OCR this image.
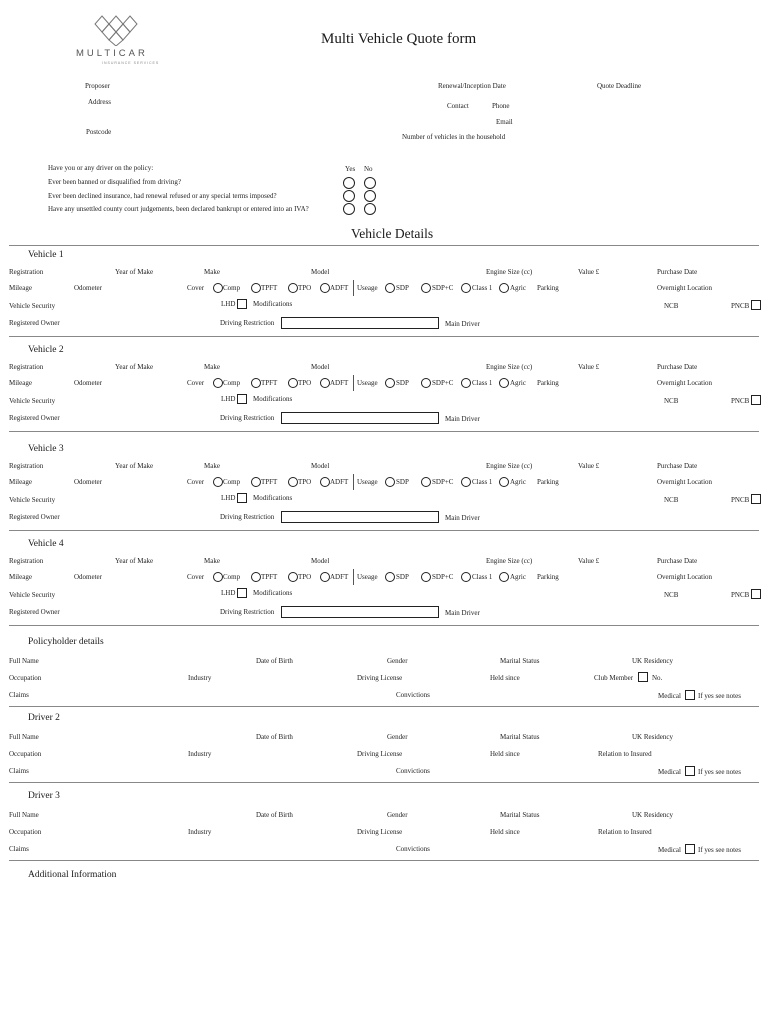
MULTICAR
INSURANCE SERVICES
Multi Vehicle Quote form
Proposer
Address
Postcode
Renewal/Inception Date	Quote Deadline
Contact	Phone
Email
Number of vehicles in the household
Have you or any driver on the policy:
Ever been banned or disqualified from driving?
Ever been declined insurance, had renewal refused or any special terms imposed?
Have any unsettled county court judgements, been declared bankrupt or entered into an IVA?
Yes No
Vehicle Details
Vehicle 1
Registration	Year of Make	Make	Model	Engine Size (cc)	Value £	Purchase Date
Mileage	Odometer	Cover	Comp	TPFT	TPO	ADFT Useage	SDP	SDP+C	Class 1	Agric Parking	Overnight Location
Vehicle Security	LHD	Modifications	NCB	PNCB
Registered Owner	Driving Restriction	Main Driver
Vehicle 2
Registration	Year of Make	Make	Model	Engine Size (cc)	Value £	Purchase Date
Mileage	Odometer	Cover	Comp	TPFT	TPO	ADFT Useage	SDP	SDP+C	Class 1	Agric Parking	Overnight Location
Vehicle Security	LHD	Modifications	NCB	PNCB
Registered Owner	Driving Restriction	Main Driver
Vehicle 3
Registration	Year of Make	Make	Model	Engine Size (cc)	Value £	Purchase Date
Mileage	Odometer	Cover	Comp	TPFT	TPO	ADFT Useage	SDP	SDP+C	Class 1	Agric Parking	Overnight Location
Vehicle Security	LHD	Modifications	NCB	PNCB
Registered Owner	Driving Restriction	Main Driver
Vehicle 4
Registration	Year of Make	Make	Model	Engine Size (cc)	Value £	Purchase Date
Mileage	Odometer	Cover	Comp	TPFT	TPO	ADFT Useage	SDP	SDP+C	Class 1	Agric Parking	Overnight Location
Vehicle Security	LHD	Modifications	NCB	PNCB
Registered Owner	Driving Restriction	Main Driver
Policyholder details
Full Name	Date of Birth	Gender	Marital Status	UK Residency
Occupation	Industry	Driving License	Held since	Club Member	No.
Claims	Convictions	Medical If yes see notes
Driver 2
Full Name	Date of Birth	Gender	Marital Status	UK Residency
Occupation	Industry	Driving License	Held since	Relation to Insured
Claims	Convictions	Medical If yes see notes
Driver 3
Full Name	Date of Birth	Gender	Marital Status	UK Residency
Occupation	Industry	Driving License	Held since	Relation to Insured
Claims	Convictions	Medical If yes see notes
Additional Information
